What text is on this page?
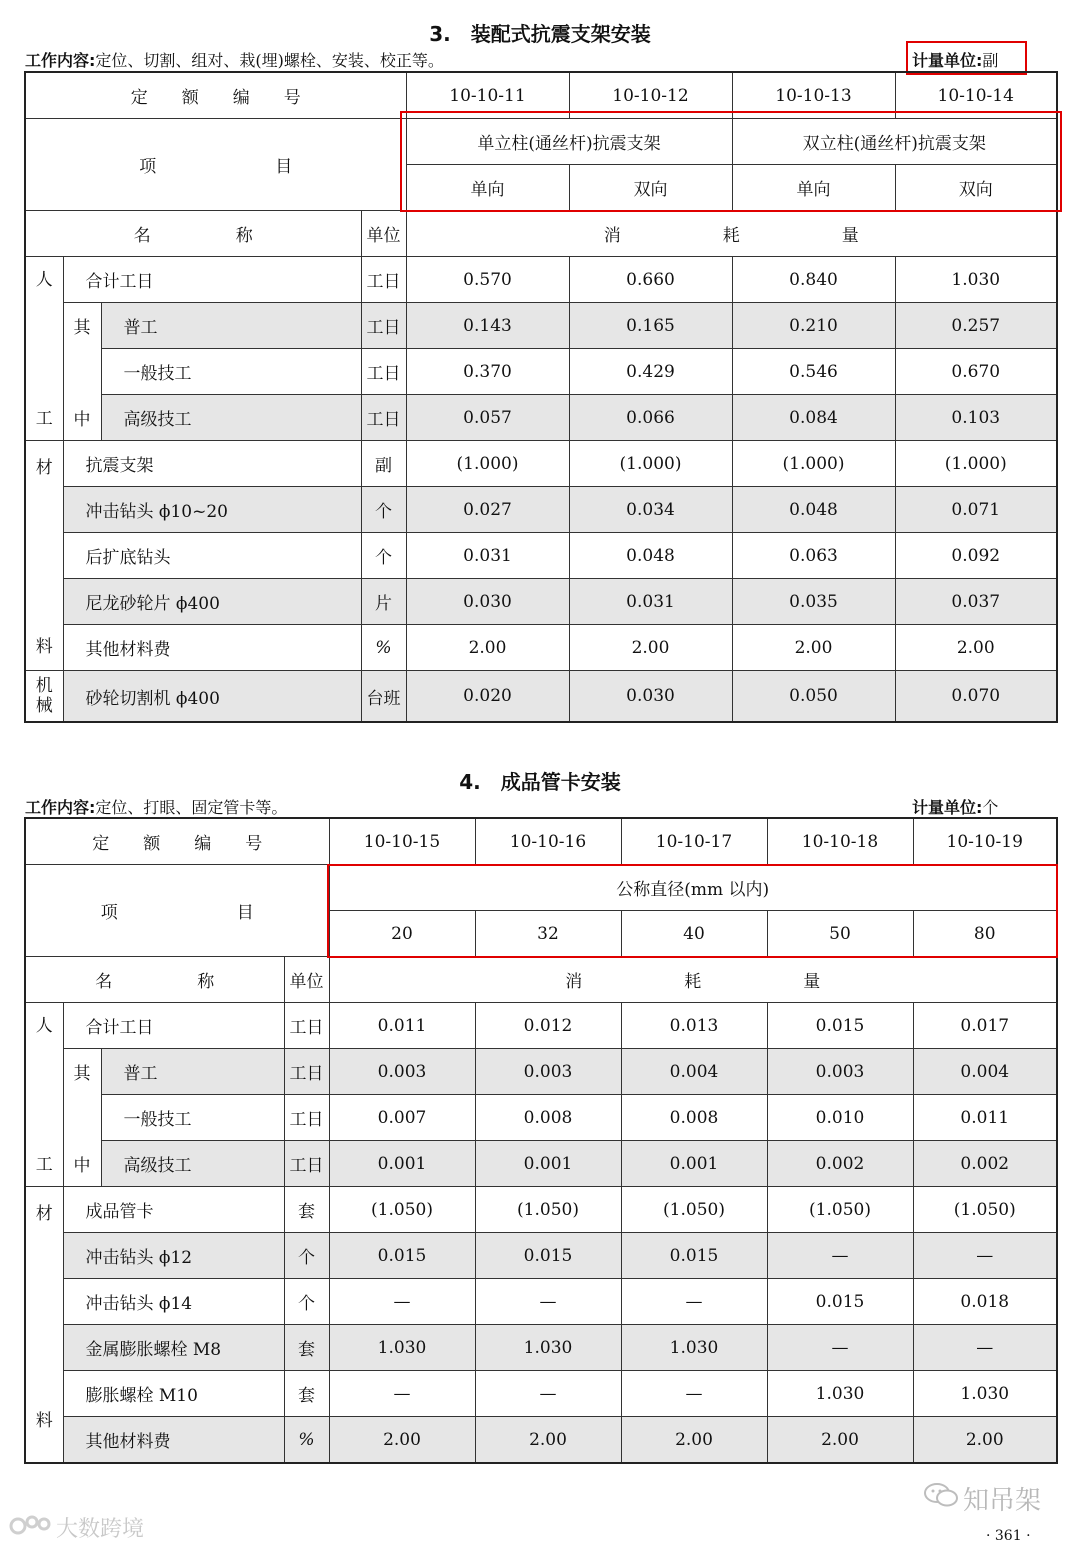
3.　装配式抗震支架安装
工作内容:定位、切割、组对、栽(埋)螺栓、安装、校正等。	计量单位:副
定　　额　　编　　号				10-10-11	10-10-12	10-10-13	10-10-14
项　　　　　　　目				单立柱(通丝杆)抗震支架		双立柱(通丝杆)抗震支架	
				单向	双向	单向	双向
名　　　　　称			单位	消　　　　　　耗　　　　　　量			

人
工	合计工日		工日	0.570	0.660	0.840	1.030
	其	普工	工日	0.143	0.165	0.210	0.257
		一般技工	工日	0.370	0.429	0.546	0.670
	中	高级技工	工日	0.057	0.066	0.084	0.103

材
料	抗震支架		副	(1.000)	(1.000)	(1.000)	(1.000)
	冲击钻头 ϕ10~20		个	0.027	0.034	0.048	0.071
	后扩底钻头		个	0.031	0.048	0.063	0.092
	尼龙砂轮片 ϕ400		片	0.030	0.031	0.035	0.037
	其他材料费		%	2.00	2.00	2.00	2.00
机
械	砂轮切割机 ϕ400		台班	0.020	0.030	0.050	0.070
4.　成品管卡安装
工作内容:定位、打眼、固定管卡等。	计量单位:个
定　　额　　编　　号				10-10-15	10-10-16	10-10-17	10-10-18	10-10-19
项　　　　　　　目				公称直径(mm 以内)				
				20	32	40	50	80
名　　　　　称			单位	消　　　　　　耗　　　　　　量				

人
工	合计工日		工日	0.011	0.012	0.013	0.015	0.017
	其	普工	工日	0.003	0.003	0.004	0.003	0.004
		一般技工	工日	0.007	0.008	0.008	0.010	0.011
	中	高级技工	工日	0.001	0.001	0.001	0.002	0.002

材
料	成品管卡		套	(1.050)	(1.050)	(1.050)	(1.050)	(1.050)
	冲击钻头 ϕ12		个	0.015	0.015	0.015	—	—
	冲击钻头 ϕ14		个	—	—	—	0.015	0.018
	金属膨胀螺栓 M8		套	1.030	1.030	1.030	—	—
	膨胀螺栓 M10		套	—	—	—	1.030	1.030
	其他材料费		%	2.00	2.00	2.00	2.00	2.00
知吊架
· 361 ·
大数跨境
